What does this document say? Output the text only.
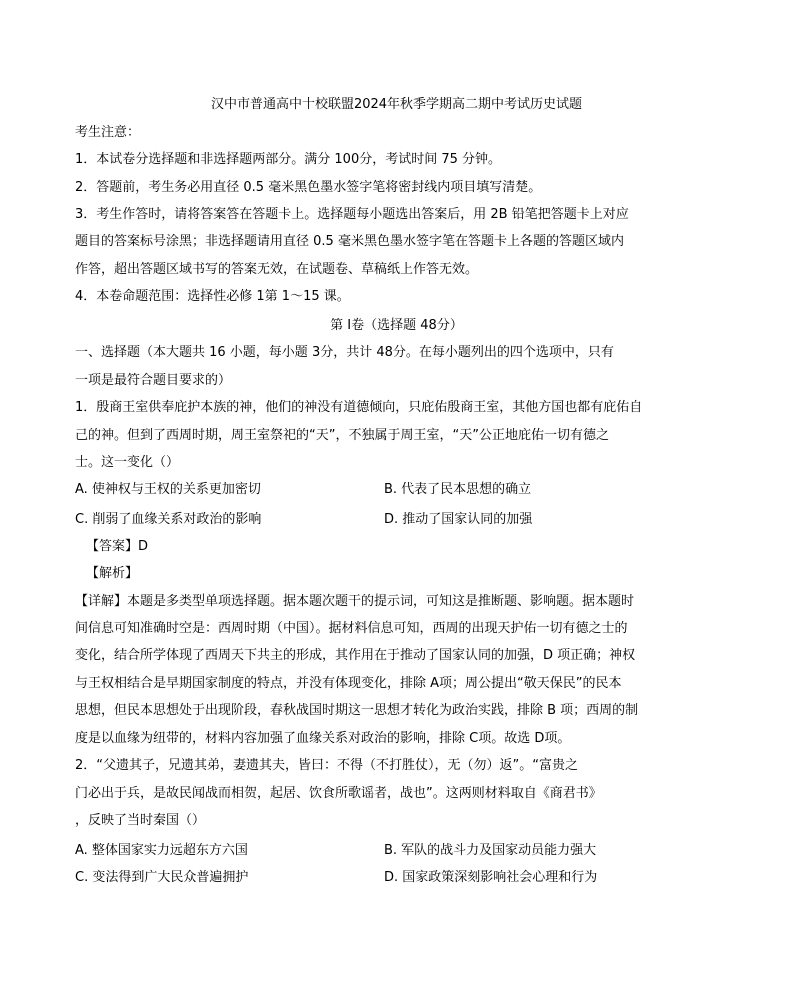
汉中市普通高中十校联盟2024年秋季学期高二期中考试历史试题
考生注意：
1．本试卷分选择题和非选择题两部分。满分 100分，考试时间 75 分钟。
2．答题前，考生务必用直径 0.5 毫米黑色墨水签字笔将密封线内项目填写清楚。
3．考生作答时，请将答案答在答题卡上。选择题每小题选出答案后，用 2B 铅笔把答题卡上对应
题目的答案标号涂黑；非选择题请用直径 0.5 毫米黑色墨水签字笔在答题卡上各题的答题区域内
作答，超出答题区域书写的答案无效，在试题卷、草稿纸上作答无效。
4．本卷命题范围：选择性必修 1第 1～15 课。
第 I卷（选择题 48分）
一、选择题（本大题共 16 小题，每小题 3分，共计 48分。在每小题列出的四个选项中，只有
一项是最符合题目要求的）
1．殷商王室供奉庇护本族的神，他们的神没有道德倾向，只庇佑殷商王室，其他方国也都有庇佑自
己的神。但到了西周时期，周王室祭祀的“天”，不独属于周王室，“天”公正地庇佑一切有德之
士。这一变化（）
A. 使神权与王权的关系更加密切	B. 代表了民本思想的确立
C. 削弱了血缘关系对政治的影响	D. 推动了国家认同的加强
【答案】D
【解析】
【详解】本题是多类型单项选择题。据本题次题干的提示词，可知这是推断题、影响题。据本题时
间信息可知准确时空是：西周时期（中国）。据材料信息可知，西周的出现天护佑一切有德之士的
变化，结合所学体现了西周天下共主的形成，其作用在于推动了国家认同的加强，D 项正确；神权
与王权相结合是早期国家制度的特点，并没有体现变化，排除 A项；周公提出“敬天保民”的民本
思想，但民本思想处于出现阶段，春秋战国时期这一思想才转化为政治实践，排除 B 项；西周的制
度是以血缘为纽带的，材料内容加强了血缘关系对政治的影响，排除 C项。故选 D项。
2．“父遗其子，兄遗其弟，妻遗其夫，皆曰：不得（不打胜仗），无（勿）返”。“富贵之
门必出于兵，是故民闻战而相贺，起居、饮食所歌谣者，战也”。这两则材料取自《商君书》
，反映了当时秦国（）
A. 整体国家实力远超东方六国	B. 军队的战斗力及国家动员能力强大
C. 变法得到广大民众普遍拥护	D. 国家政策深刻影响社会心理和行为
